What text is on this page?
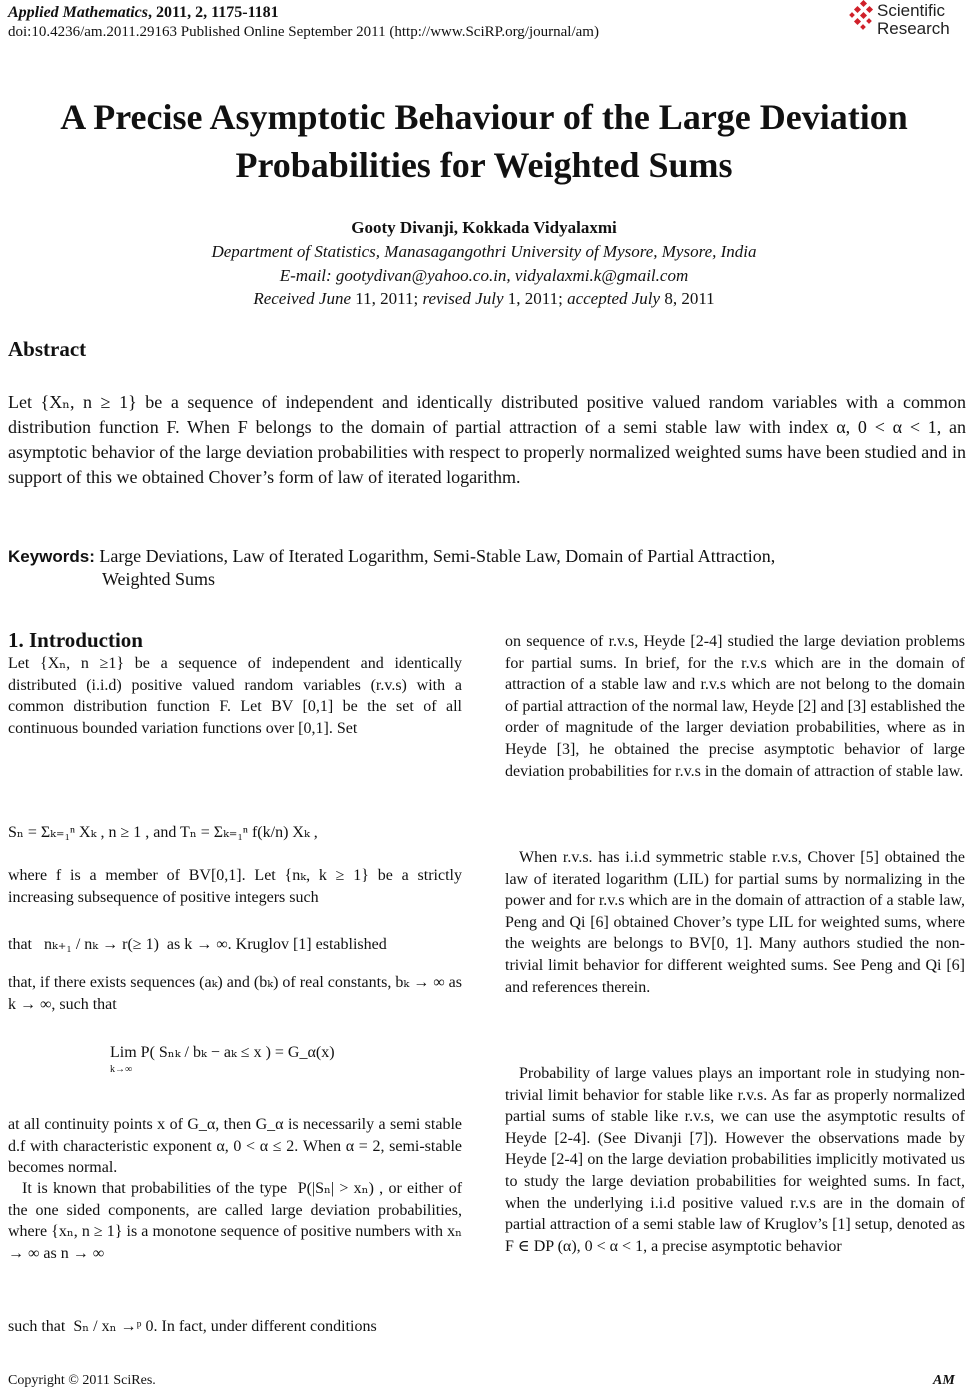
Applied Mathematics, 2011, 2, 1175-1181
doi:10.4236/am.2011.29163 Published Online September 2011 (http://www.SciRP.org/journal/am)
Scientific
Research
A Precise Asymptotic Behaviour of the Large Deviation
Probabilities for Weighted Sums
Gooty Divanji, Kokkada Vidyalaxmi
Department of Statistics, Manasagangothri University of Mysore, Mysore, India
E-mail: gootydivan@yahoo.co.in, vidyalaxmi.k@gmail.com
Received June 11, 2011; revised July 1, 2011; accepted July 8, 2011
Abstract
Let {Xₙ, n ≥ 1} be a sequence of independent and identically distributed positive valued random variables with a common distribution function F. When F belongs to the domain of partial attraction of a semi stable law with index α, 0 < α < 1, an asymptotic behavior of the large deviation probabilities with respect to properly normalized weighted sums have been studied and in support of this we obtained Chover’s form of law of iterated logarithm.
Keywords: Large Deviations, Law of Iterated Logarithm, Semi-Stable Law, Domain of Partial Attraction,
Weighted Sums
1. Introduction
Let {Xₙ, n ≥1} be a sequence of independent and identically distributed (i.i.d) positive valued random variables (r.v.s) with a common distribution function F. Let BV [0,1] be the set of all continuous bounded variation functions over [0,1]. Set
Sₙ = Σₖ₌₁ⁿ Xₖ , n ≥ 1 , and Tₙ = Σₖ₌₁ⁿ f(k/n) Xₖ ,
where f is a member of BV[0,1]. Let {nₖ, k ≥ 1} be a strictly increasing subsequence of positive integers such
that nₖ₊₁ / nₖ → r(≥ 1) as k → ∞. Kruglov [1] established
that, if there exists sequences (aₖ) and (bₖ) of real constants, bₖ → ∞ as k → ∞, such that
Lim P( Sₙₖ / bₖ − aₖ ≤ x ) = G_α(x)
k→∞
at all continuity points x of G_α, then G_α is necessarily a semi stable d.f with characteristic exponent α, 0 < α ≤ 2. When α = 2, semi-stable becomes normal.
It is known that probabilities of the type P(|Sₙ| > xₙ) , or either of the one sided components, are called large deviation probabilities, where {xₙ, n ≥ 1} is a monotone sequence of positive numbers with xₙ → ∞ as n → ∞
such that Sₙ / xₙ →ᵖ 0. In fact, under different conditions
on sequence of r.v.s, Heyde [2-4] studied the large deviation problems for partial sums. In brief, for the r.v.s which are in the domain of attraction of a stable law and r.v.s which are not belong to the domain of partial attraction of the normal law, Heyde [2] and [3] established the order of magnitude of the larger deviation probabilities, where as in Heyde [3], he obtained the precise asymptotic behavior of large deviation probabilities for r.v.s in the domain of attraction of stable law.
When r.v.s. has i.i.d symmetric stable r.v.s, Chover [5] obtained the law of iterated logarithm (LIL) for partial sums by normalizing in the power and for r.v.s which are in the domain of attraction of a stable law, Peng and Qi [6] obtained Chover’s type LIL for weighted sums, where the weights are belongs to BV[0, 1]. Many authors studied the non-trivial limit behavior for different weighted sums. See Peng and Qi [6] and references therein.
Probability of large values plays an important role in studying non-trivial limit behavior for stable like r.v.s. As far as properly normalized partial sums of stable like r.v.s, we can use the asymptotic results of Heyde [2-4]. (See Divanji [7]). However the observations made by Heyde [2-4] on the large deviation probabilities implicitly motivated us to study the large deviation probabilities for weighted sums. In fact, when the underlying i.i.d positive valued r.v.s are in the domain of partial attraction of a semi stable law of Kruglov’s [1] setup, denoted as F ∈ DP (α), 0 < α < 1, a precise asymptotic behavior
Copyright © 2011 SciRes.	AM
